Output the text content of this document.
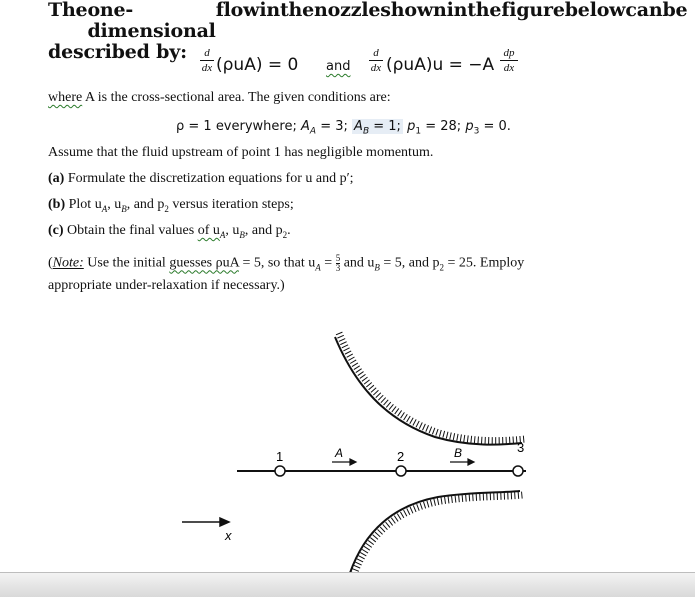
The one-dimensional
flow in the nozzle shown in the figure below can be
described by:	d
dx (ρuA) = 0 and
d
dx (ρuA)u = −A
dp
dx
where A is the cross-sectional area. The given conditions are:
ρ = 1 everywhere; $A_A = 3$; $A_B = 1$; $p_1 = 28$; $p_3 = 0$.
Assume that the fluid upstream of point 1 has negligible momentum.
(a) Formulate the discretization equations for u and p′;
(b) Plot $u_A$, $u_B$, and $p_2$ versus iteration steps;
(c) Obtain the final values of $u_A$, $u_B$, and $p_2$.
(Note: Use the initial guesses ρuA = 5, so that $u_A = \frac{5}{3}$ and $u_B = 5$, and $p_2 = 25$. Employ
appropriate under-relaxation if necessary.)
1	2
3
A	B
x
